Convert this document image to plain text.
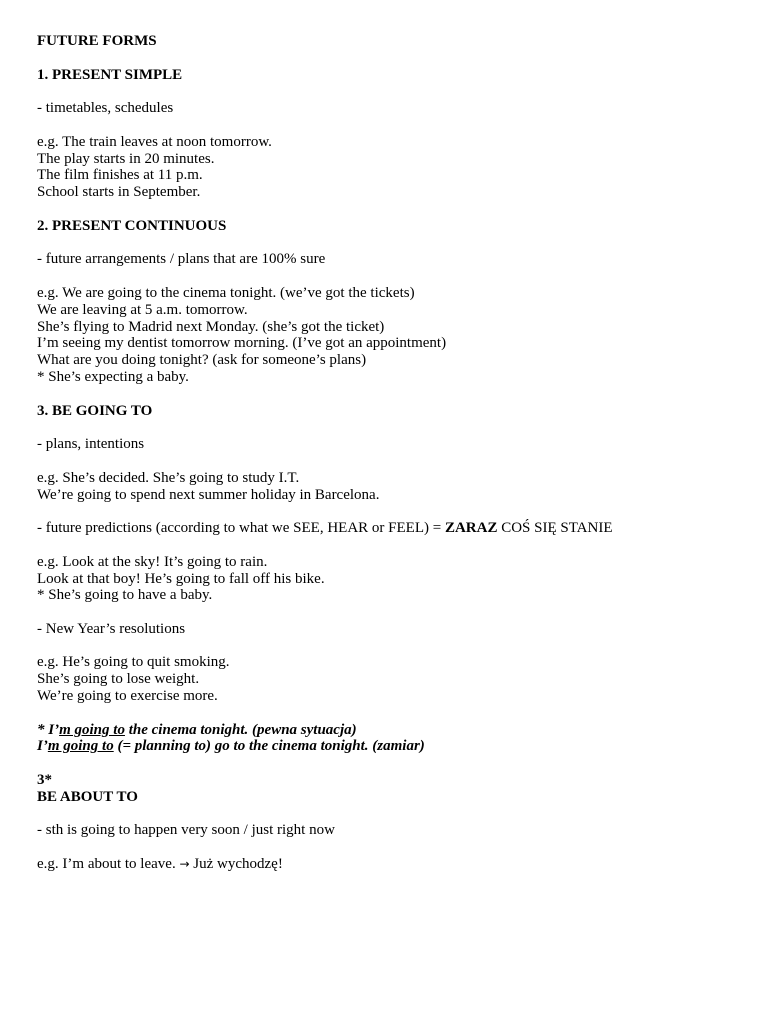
FUTURE FORMS
1. PRESENT SIMPLE
- timetables, schedules
e.g. The train leaves at noon tomorrow.
The play starts in 20 minutes.
The film finishes at 11 p.m.
School starts in September.
2. PRESENT CONTINUOUS
- future arrangements / plans that are 100% sure
e.g. We are going to the cinema tonight. (we’ve got the tickets)
We are leaving at 5 a.m. tomorrow.
She’s flying to Madrid next Monday. (she’s got the ticket)
I’m seeing my dentist tomorrow morning. (I’ve got an appointment)
What are you doing tonight? (ask for someone’s plans)
* She’s expecting a baby.
3. BE GOING TO
- plans, intentions
e.g. She’s decided. She’s going to study I.T.
We’re going to spend next summer holiday in Barcelona.
- future predictions (according to what we SEE, HEAR or FEEL) = ZARAZ COŚ SIĘ STANIE
e.g. Look at the sky! It’s going to rain.
Look at that boy! He’s going to fall off his bike.
* She’s going to have a baby.
- New Year’s resolutions
e.g. He’s going to quit smoking.
She’s going to lose weight.
We’re going to exercise more.
* I’m going to the cinema tonight. (pewna sytuacja)
I’m going to (= planning to) go to the cinema tonight. (zamiar)
3*
BE ABOUT TO
- sth is going to happen very soon / just right now
e.g. I’m about to leave. → Już wychodzę!
